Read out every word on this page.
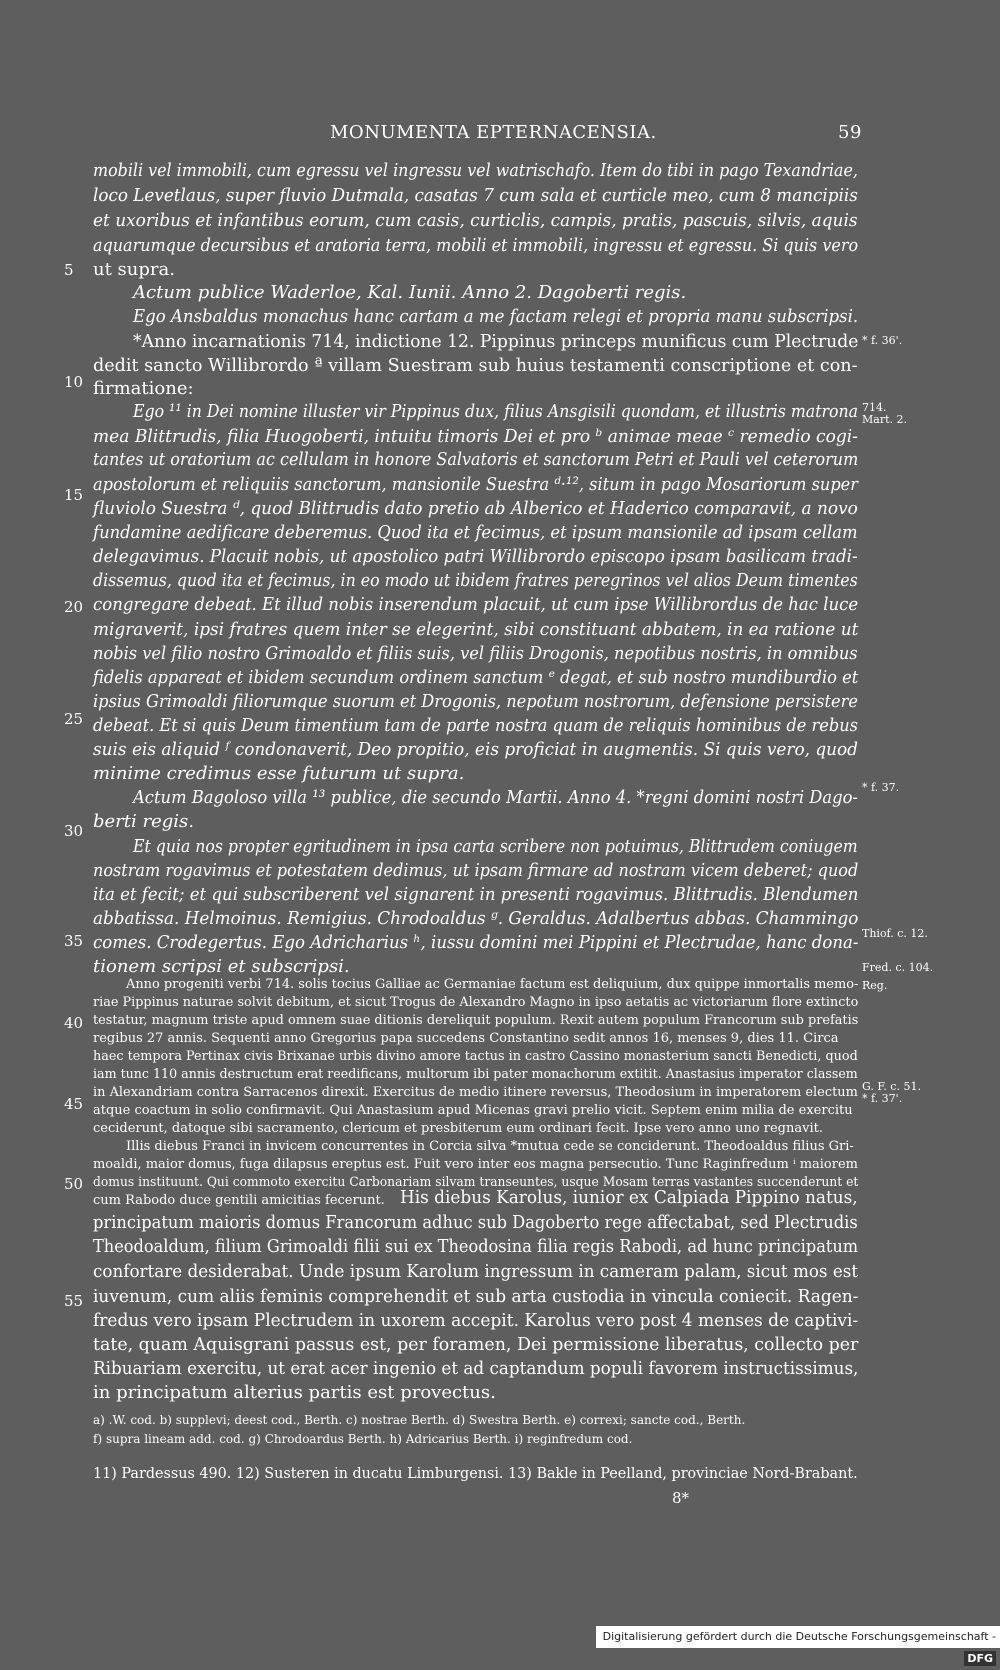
MONUMENTA EPTERNACENSIA.	59
mobili vel immobili, cum egressu vel ingressu vel watrischafo. Item do tibi in pago Texandriae,
loco Levetlaus, super fluvio Dutmala, casatas 7 cum sala et curticle meo, cum 8 mancipiis
et uxoribus et infantibus eorum, cum casis, curticlis, campis, pratis, pascuis, silvis, aquis
aquarumque decursibus et aratoria terra, mobili et immobili, ingressu et egressu. Si quis vero
ut supra.
Actum publice Waderloe, Kal. Iunii. Anno 2. Dagoberti regis.
Ego Ansbaldus monachus hanc cartam a me factam relegi et propria manu subscripsi.
*Anno incarnationis 714, indictione 12. Pippinus princeps munificus cum Plectrude
dedit sancto Willibrordo ª villam Suestram sub huius testamenti conscriptione et con-
firmatione:
Ego ¹¹ in Dei nomine illuster vir Pippinus dux, filius Ansgisili quondam, et illustris matrona
mea Blittrudis, filia Huogoberti, intuitu timoris Dei et pro ᵇ animae meae ᶜ remedio cogi-
tantes ut oratorium ac cellulam in honore Salvatoris et sanctorum Petri et Pauli vel ceterorum
apostolorum et reliquiis sanctorum, mansionile Suestra ᵈ·¹², situm in pago Mosariorum super
fluviolo Suestra ᵈ, quod Blittrudis dato pretio ab Alberico et Haderico comparavit, a novo
fundamine aedificare deberemus. Quod ita et fecimus, et ipsum mansionile ad ipsam cellam
delegavimus. Placuit nobis, ut apostolico patri Willibrordo episcopo ipsam basilicam tradi-
dissemus, quod ita et fecimus, in eo modo ut ibidem fratres peregrinos vel alios Deum timentes
congregare debeat. Et illud nobis inserendum placuit, ut cum ipse Willibrordus de hac luce
migraverit, ipsi fratres quem inter se elegerint, sibi constituant abbatem, in ea ratione ut
nobis vel filio nostro Grimoaldo et filiis suis, vel filiis Drogonis, nepotibus nostris, in omnibus
fidelis appareat et ibidem secundum ordinem sanctum ᵉ degat, et sub nostro mundiburdio et
ipsius Grimoaldi filiorumque suorum et Drogonis, nepotum nostrorum, defensione persistere
debeat. Et si quis Deum timentium tam de parte nostra quam de reliquis hominibus de rebus
suis eis aliquid ᶠ condonaverit, Deo propitio, eis proficiat in augmentis. Si quis vero, quod
minime credimus esse futurum ut supra.
Actum Bagoloso villa ¹³ publice, die secundo Martii. Anno 4. *regni domini nostri Dago-
berti regis.
Et quia nos propter egritudinem in ipsa carta scribere non potuimus, Blittrudem coniugem
nostram rogavimus et potestatem dedimus, ut ipsam firmare ad nostram vicem deberet; quod
ita et fecit; et qui subscriberent vel signarent in presenti rogavimus. Blittrudis. Blendumen
abbatissa. Helmoinus. Remigius. Chrodoaldus ᵍ. Geraldus. Adalbertus abbas. Chammingo
comes. Crodegertus. Ego Adricharius ʰ, iussu domini mei Pippini et Plectrudae, hanc dona-
tionem scripsi et subscripsi.
Anno progeniti verbi 714. solis tocius Galliae ac Germaniae factum est deliquium, dux quippe inmortalis memo-
riae Pippinus naturae solvit debitum, et sicut Trogus de Alexandro Magno in ipso aetatis ac victoriarum flore extincto
testatur, magnum triste apud omnem suae ditionis dereliquit populum. Rexit autem populum Francorum sub prefatis
regibus 27 annis. Sequenti anno Gregorius papa succedens Constantino sedit annos 16, menses 9, dies 11. Circa
haec tempora Pertinax civis Brixanae urbis divino amore tactus in castro Cassino monasterium sancti Benedicti, quod
iam tunc 110 annis destructum erat reedificans, multorum ibi pater monachorum extitit. Anastasius imperator classem
in Alexandriam contra Sarracenos direxit. Exercitus de medio itinere reversus, Theodosium in imperatorem electum
atque coactum in solio confirmavit. Qui Anastasium apud Micenas gravi prelio vicit. Septem enim milia de exercitu
ceciderunt, datoque sibi sacramento, clericum et presbiterum eum ordinari fecit. Ipse vero anno uno regnavit.
Illis diebus Franci in invicem concurrentes in Corcia silva *mutua cede se conciderunt. Theodoaldus filius Gri-
moaldi, maior domus, fuga dilapsus ereptus est. Fuit vero inter eos magna persecutio. Tunc Raginfredum ⁱ maiorem
domus instituunt. Qui commoto exercitu Carbonariam silvam transeuntes, usque Mosam terras vastantes succenderunt et
cum Rabodo duce gentili amicitias fecerunt. His diebus Karolus, iunior ex Calpiada Pippino natus,
principatum maioris domus Francorum adhuc sub Dagoberto rege affectabat, sed Plectrudis
Theodoaldum, filium Grimoaldi filii sui ex Theodosina filia regis Rabodi, ad hunc principatum
confortare desiderabat. Unde ipsum Karolum ingressum in cameram palam, sicut mos est
iuvenum, cum aliis feminis comprehendit et sub arta custodia in vincula coniecit. Ragen-
fredus vero ipsam Plectrudem in uxorem accepit. Karolus vero post 4 menses de captivi-
tate, quam Aquisgrani passus est, per foramen, Dei permissione liberatus, collecto per
Ribuariam exercitu, ut erat acer ingenio et ad captandum populi favorem instructissimus,
in principatum alterius partis est provectus.
a) .W. cod. b) supplevi; deest cod., Berth. c) nostrae Berth. d) Swestra Berth. e) correxi; sancte cod., Berth.
f) supra lineam add. cod. g) Chrodoardus Berth. h) Adricarius Berth. i) reginfredum cod.
11) Pardessus 490. 12) Susteren in ducatu Limburgensi. 13) Bakle in Peelland, provinciae Nord-Brabant.
8*
5
10
15
20
25
30
35
40
45
50
55
* f. 36'.
714.
Mart. 2.
* f. 37.
Thiof. c. 12.
Fred. c. 104.
Reg.
G. F. c. 51.
* f. 37'.
Digitalisierung gefördert durch die Deutsche Forschungsgemeinschaft -DFG
